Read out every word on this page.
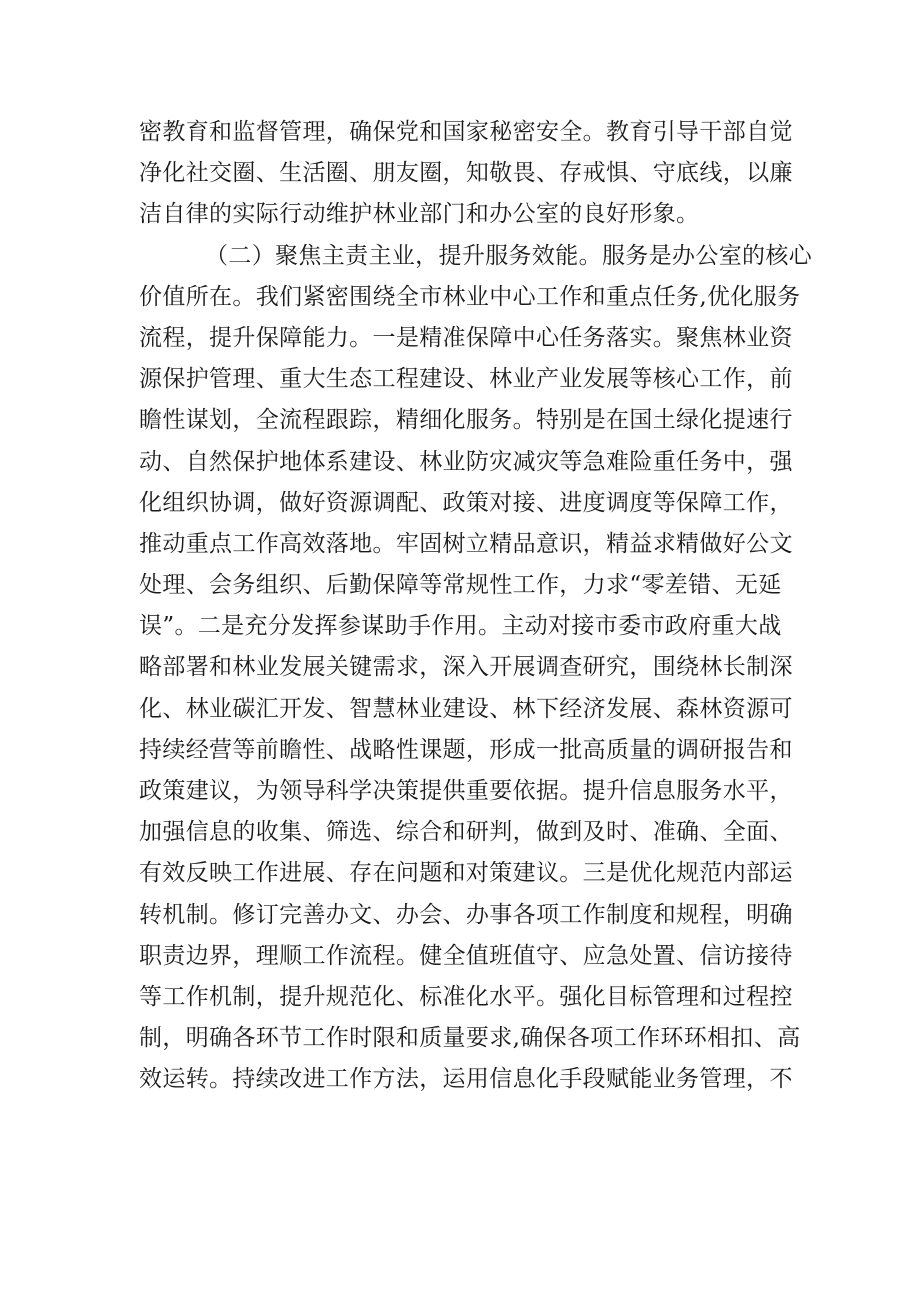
密教育和监督管理，确保党和国家秘密安全。教育引导干部自觉
净化社交圈、生活圈、朋友圈，知敬畏、存戒惧、守底线，以廉
洁自律的实际行动维护林业部门和办公室的良好形象。
（二）聚焦主责主业，提升服务效能。服务是办公室的核心
价值所在。我们紧密围绕全市林业中心工作和重点任务,优化服务
流程，提升保障能力。一是精准保障中心任务落实。聚焦林业资
源保护管理、重大生态工程建设、林业产业发展等核心工作，前
瞻性谋划，全流程跟踪，精细化服务。特别是在国土绿化提速行
动、自然保护地体系建设、林业防灾减灾等急难险重任务中，强
化组织协调，做好资源调配、政策对接、进度调度等保障工作，
推动重点工作高效落地。牢固树立精品意识，精益求精做好公文
处理、会务组织、后勤保障等常规性工作，力求“零差错、无延
误”。二是充分发挥参谋助手作用。主动对接市委市政府重大战
略部署和林业发展关键需求，深入开展调查研究，围绕林长制深
化、林业碳汇开发、智慧林业建设、林下经济发展、森林资源可
持续经营等前瞻性、战略性课题，形成一批高质量的调研报告和
政策建议，为领导科学决策提供重要依据。提升信息服务水平，
加强信息的收集、筛选、综合和研判，做到及时、准确、全面、
有效反映工作进展、存在问题和对策建议。三是优化规范内部运
转机制。修订完善办文、办会、办事各项工作制度和规程，明确
职责边界，理顺工作流程。健全值班值守、应急处置、信访接待
等工作机制，提升规范化、标准化水平。强化目标管理和过程控
制，明确各环节工作时限和质量要求,确保各项工作环环相扣、高
效运转。持续改进工作方法，运用信息化手段赋能业务管理，不
